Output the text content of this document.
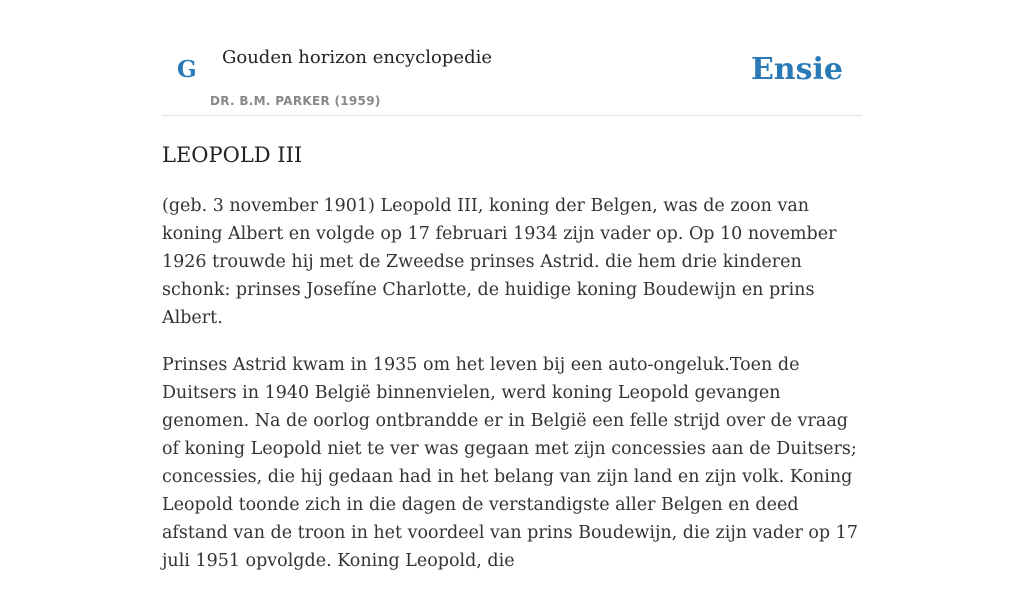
G Gouden horizon encyclopedie
DR. B.M. PARKER (1959)
Ensie
LEOPOLD III

(geb. 3 november 1901) Leopold III, koning der Belgen, was de zoon van koning Albert en volgde op 17 februari 1934 zijn vader op. Op 10 november 1926 trouwde hij met de Zweedse prinses Astrid. die hem drie kinderen schonk: prinses Josefíne Charlotte, de huidige koning Boudewijn en prins Albert.

Prinses Astrid kwam in 1935 om het leven bij een auto-ongeluk.Toen de Duitsers in 1940 België binnenvielen, werd koning Leopold gevangen genomen. Na de oorlog ontbrandde er in België een felle strijd over de vraag of koning Leopold niet te ver was gegaan met zijn concessies aan de Duitsers; concessies, die hij gedaan had in het belang van zijn land en zijn volk. Koning Leopold toonde zich in die dagen de verstandigste aller Belgen en deed afstand van de troon in het voordeel van prins Boudewijn, die zijn vader op 17 juli 1951 opvolgde. Koning Leopold, die
